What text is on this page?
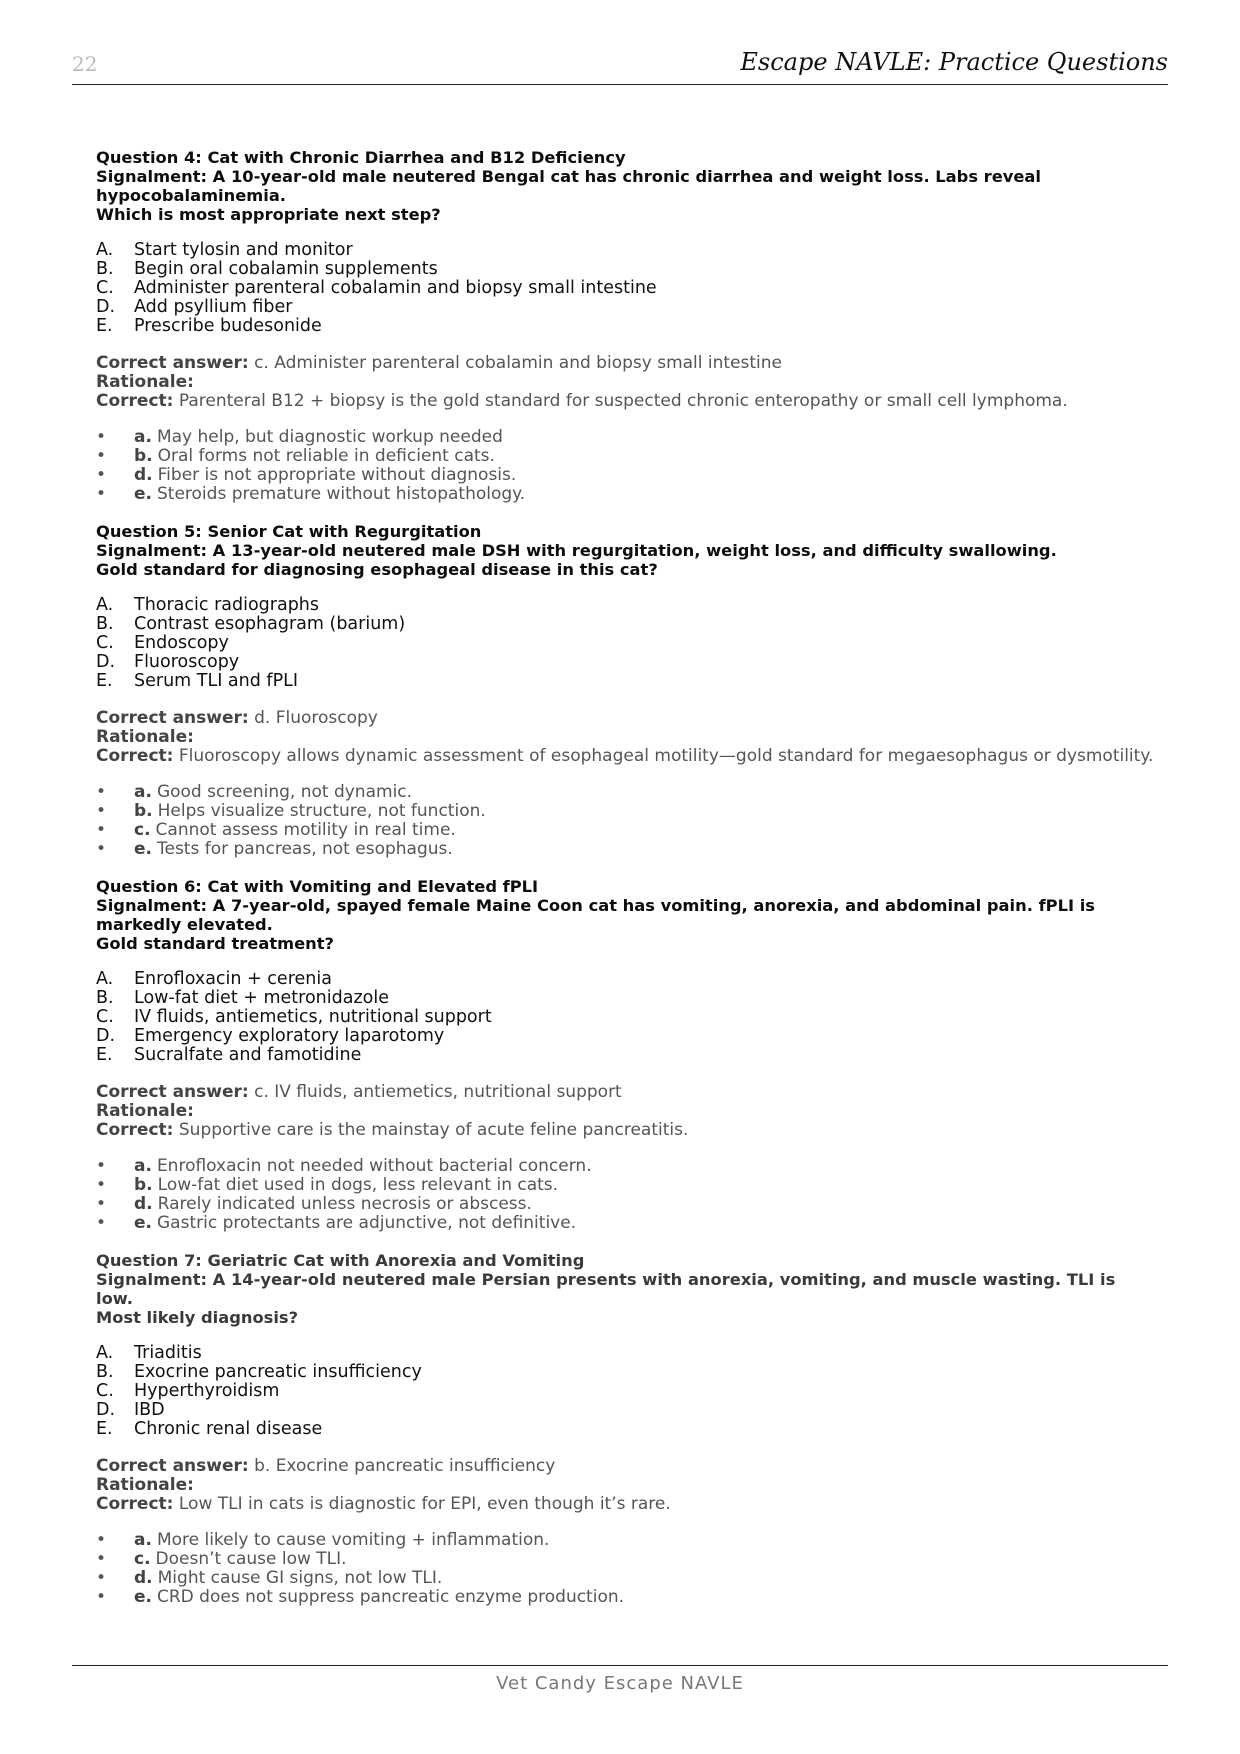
22	Escape NAVLE: Practice Questions
Question 4: Cat with Chronic Diarrhea and B12 Deficiency
Signalment: A 10-year-old male neutered Bengal cat has chronic diarrhea and weight loss. Labs reveal hypocobalaminemia.
Which is most appropriate next step?
A.	Start tylosin and monitor
B.	Begin oral cobalamin supplements
C.	Administer parenteral cobalamin and biopsy small intestine
D.	Add psyllium fiber
E.	Prescribe budesonide
Correct answer: c. Administer parenteral cobalamin and biopsy small intestine
Rationale:
Correct: Parenteral B12 + biopsy is the gold standard for suspected chronic enteropathy or small cell lymphoma.
•	a. May help, but diagnostic workup needed
•	b. Oral forms not reliable in deficient cats.
•	d. Fiber is not appropriate without diagnosis.
•	e. Steroids premature without histopathology.
Question 5: Senior Cat with Regurgitation
Signalment: A 13-year-old neutered male DSH with regurgitation, weight loss, and difficulty swallowing.
Gold standard for diagnosing esophageal disease in this cat?
A.	Thoracic radiographs
B.	Contrast esophagram (barium)
C.	Endoscopy
D.	Fluoroscopy
E.	Serum TLI and fPLI
Correct answer: d. Fluoroscopy
Rationale:
Correct: Fluoroscopy allows dynamic assessment of esophageal motility—gold standard for megaesophagus or dysmotility.
•	a. Good screening, not dynamic.
•	b. Helps visualize structure, not function.
•	c. Cannot assess motility in real time.
•	e. Tests for pancreas, not esophagus.
Question 6: Cat with Vomiting and Elevated fPLI
Signalment: A 7-year-old, spayed female Maine Coon cat has vomiting, anorexia, and abdominal pain. fPLI is markedly elevated.
Gold standard treatment?
A.	Enrofloxacin + cerenia
B.	Low-fat diet + metronidazole
C.	IV fluids, antiemetics, nutritional support
D.	Emergency exploratory laparotomy
E.	Sucralfate and famotidine
Correct answer: c. IV fluids, antiemetics, nutritional support
Rationale:
Correct: Supportive care is the mainstay of acute feline pancreatitis.
•	a. Enrofloxacin not needed without bacterial concern.
•	b. Low-fat diet used in dogs, less relevant in cats.
•	d. Rarely indicated unless necrosis or abscess.
•	e. Gastric protectants are adjunctive, not definitive.
Question 7: Geriatric Cat with Anorexia and Vomiting
Signalment: A 14-year-old neutered male Persian presents with anorexia, vomiting, and muscle wasting. TLI is low.
Most likely diagnosis?
A.	Triaditis
B.	Exocrine pancreatic insufficiency
C.	Hyperthyroidism
D.	IBD
E.	Chronic renal disease
Correct answer: b. Exocrine pancreatic insufficiency
Rationale:
Correct: Low TLI in cats is diagnostic for EPI, even though it’s rare.
•	a. More likely to cause vomiting + inflammation.
•	c. Doesn’t cause low TLI.
•	d. Might cause GI signs, not low TLI.
•	e. CRD does not suppress pancreatic enzyme production.
Vet Candy Escape NAVLE
